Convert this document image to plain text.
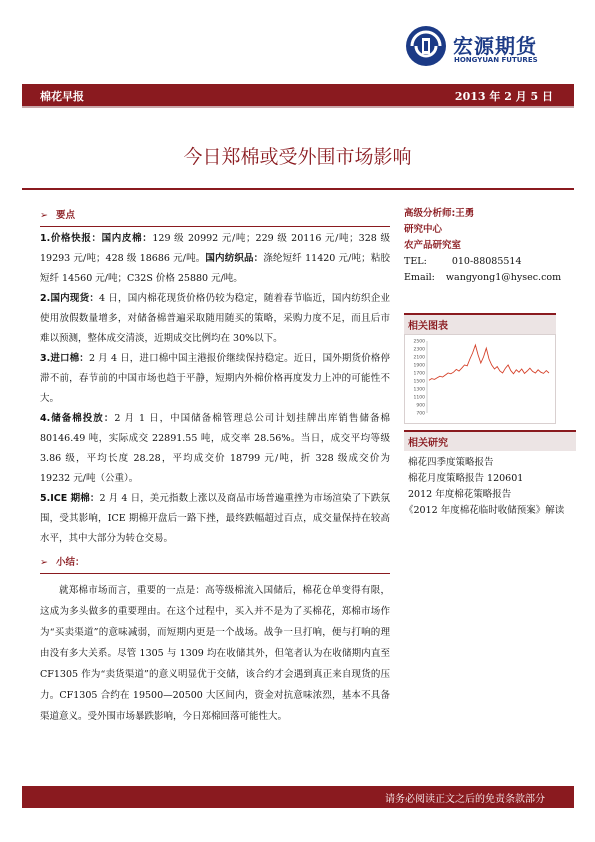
宏源期货
HONGYUAN FUTURES
棉花早报	2013 年 2 月 5 日
今日郑棉或受外围市场影响
➢ 要点

1.价格快报：国内皮棉：129 级 20992 元/吨；229 级 20116 元/吨；328 级 19293 元/吨；428 级 18686 元/吨。国内纺织品：涤纶短纤 11420 元/吨；粘胶短纤 14560 元/吨；C32S 价格 25880 元/吨。

2.国内现货：4 日，国内棉花现货价格仍较为稳定，随着春节临近，国内纺织企业使用放假数量增多，对储备棉普遍采取随用随买的策略，采购力度不足，而且后市难以预测，整体成交清淡，近期成交比例均在 30%以下。

3.进口棉：2 月 4 日，进口棉中国主港报价继续保持稳定。近日，国外期货价格停滞不前，春节前的中国市场也趋于平静，短期内外棉价格再度发力上冲的可能性不大。

4.储备棉投放：2 月 1 日，中国储备棉管理总公司计划挂牌出库销售储备棉 80146.49 吨，实际成交 22891.55 吨，成交率 28.56%。当日，成交平均等级 3.86 级，平均长度 28.28，平均成交价 18799 元/吨，折 328 级成交价为 19232 元/吨（公重）。

5.ICE 期棉：2 月 4 日，美元指数上涨以及商品市场普遍重挫为市场渲染了下跌氛围，受其影响，ICE 期棉开盘后一路下挫，最终跌幅超过百点，成交量保持在较高水平，其中大部分为转仓交易。

➢ 小结：

就郑棉市场而言，重要的一点是：高等级棉流入国储后，棉花仓单变得有限，这成为多头做多的重要理由。在这个过程中，买入并不是为了买棉花，郑棉市场作为“买卖渠道”的意味减弱，而短期内更是一个战场。战争一旦打响，便与打响的理由没有多大关系。尽管 1305 与 1309 均在收储其外，但笔者认为在收储期内直至 CF1305 作为“卖货渠道”的意义明显优于交储，该合约才会遇到真正来自现货的压力。CF1305 合约在 19500—20500 大区间内，资金对抗意味浓烈，基本不具备渠道意义。受外围市场暴跌影响，今日郑棉回落可能性大。

高级分析师:王勇
研究中心
农产品研究室
TEL:	010-88085514
Email: wangyong1@hysec.com
相关图表
2500
2300
2100
1900
1700
1500
1300
1100
900
700
相关研究
棉花四季度策略报告
棉花月度策略报告 120601
2012 年度棉花策略报告
《2012 年度棉花临时收储预案》解读
请务必阅读正文之后的免责条款部分
